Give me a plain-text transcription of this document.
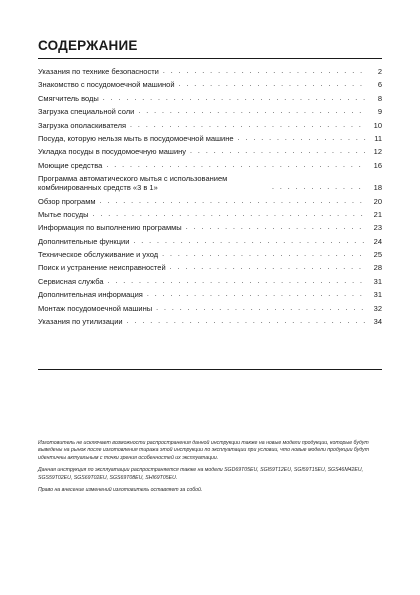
СОДЕРЖАНИЕ
Указания по технике безопасности . . .	2
Знакомство с посудомоечной машиной . . .	6
Смягчитель воды . . .	8
Загрузка специальной соли . . .	9
Загрузка ополаскивателя . . .	10
Посуда, которую нельзя мыть в посудомоечной машине . . .	11
Укладка посуды в посудомоечную машину . . .	12
Моющие средства . . .	16
Программа автоматического мытья с использованием комбинированных средств «3 в 1» . . .	18
Обзор программ . . .	20
Мытье посуды . . .	21
Информация по выполнению программы . . .	23
Дополнительные функции . . .	24
Техническое обслуживание и уход . . .	25
Поиск и устранение неисправностей . . .	28
Сервисная служба . . .	31
Дополнительная информация . . .	31
Монтаж посудомоечной машины . . .	32
Указания по утилизации . . .	34

Изготовитель не исключает возможности распространения данной инструкции также на новые модели продукции, которые будут выведены на рынок после изготовления тиража этой инструкции по эксплуатации при условии, что новые модели продукции будут идентичны актуальным с точки зрения особенностей их эксплуатации.

Данная инструкция по эксплуатации распространяется также на модели SGD69T05EU, SGI59T12EU, SGI59T15EU, SGS46M42EU, SGS59T02EU, SGS69T02EU, SGS69T08EU, SHI69T05EU.

Право на внесение изменений изготовитель оставляет за собой.
